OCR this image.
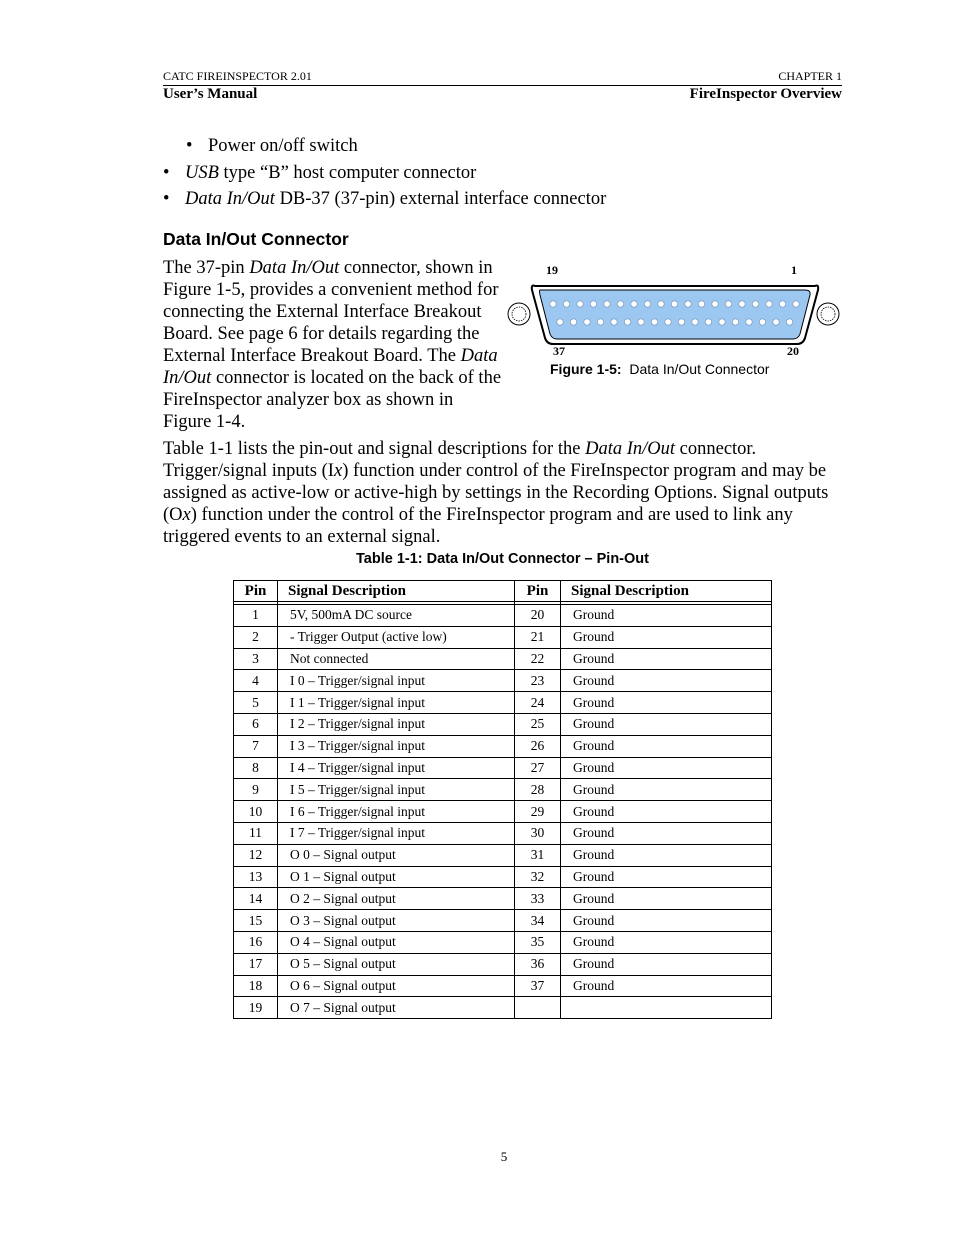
CATC FIREINSPECTOR 2.01	CHAPTER 1
User’s Manual	FireInspector Overview
• Power on/off switch
• USB type “B” host computer connector
• Data In/Out DB-37 (37-pin) external interface connector
Data In/Out Connector
The 37-pin Data In/Out connector, shown in
Figure 1-5, provides a convenient method for
connecting the External Interface Breakout
Board. See page 6 for details regarding the
External Interface Breakout Board. The Data
In/Out connector is located on the back of the
FireInspector analyzer box as shown in
Figure 1-4.
19	1
37	20
Figure 1-5: Data In/Out Connector
Table 1-1 lists the pin-out and signal descriptions for the Data In/Out connector.
Trigger/signal inputs (Ix) function under control of the FireInspector program and may be
assigned as active-low or active-high by settings in the Recording Options. Signal outputs
(Ox) function under the control of the FireInspector program and are used to link any
triggered events to an external signal.
Table 1-1: Data In/Out Connector – Pin-Out
Pin	Signal Description	Pin	Signal Description

1	5V, 500mA DC source	20	Ground
2	- Trigger Output (active low)	21	Ground
3	Not connected	22	Ground
4	I 0 – Trigger/signal input	23	Ground
5	I 1 – Trigger/signal input	24	Ground
6	I 2 – Trigger/signal input	25	Ground
7	I 3 – Trigger/signal input	26	Ground
8	I 4 – Trigger/signal input	27	Ground
9	I 5 – Trigger/signal input	28	Ground
10	I 6 – Trigger/signal input	29	Ground
11	I 7 – Trigger/signal input	30	Ground
12	O 0 – Signal output	31	Ground
13	O 1 – Signal output	32	Ground
14	O 2 – Signal output	33	Ground
15	O 3 – Signal output	34	Ground
16	O 4 – Signal output	35	Ground
17	O 5 – Signal output	36	Ground
18	O 6 – Signal output	37	Ground
19	O 7 – Signal output		
5
